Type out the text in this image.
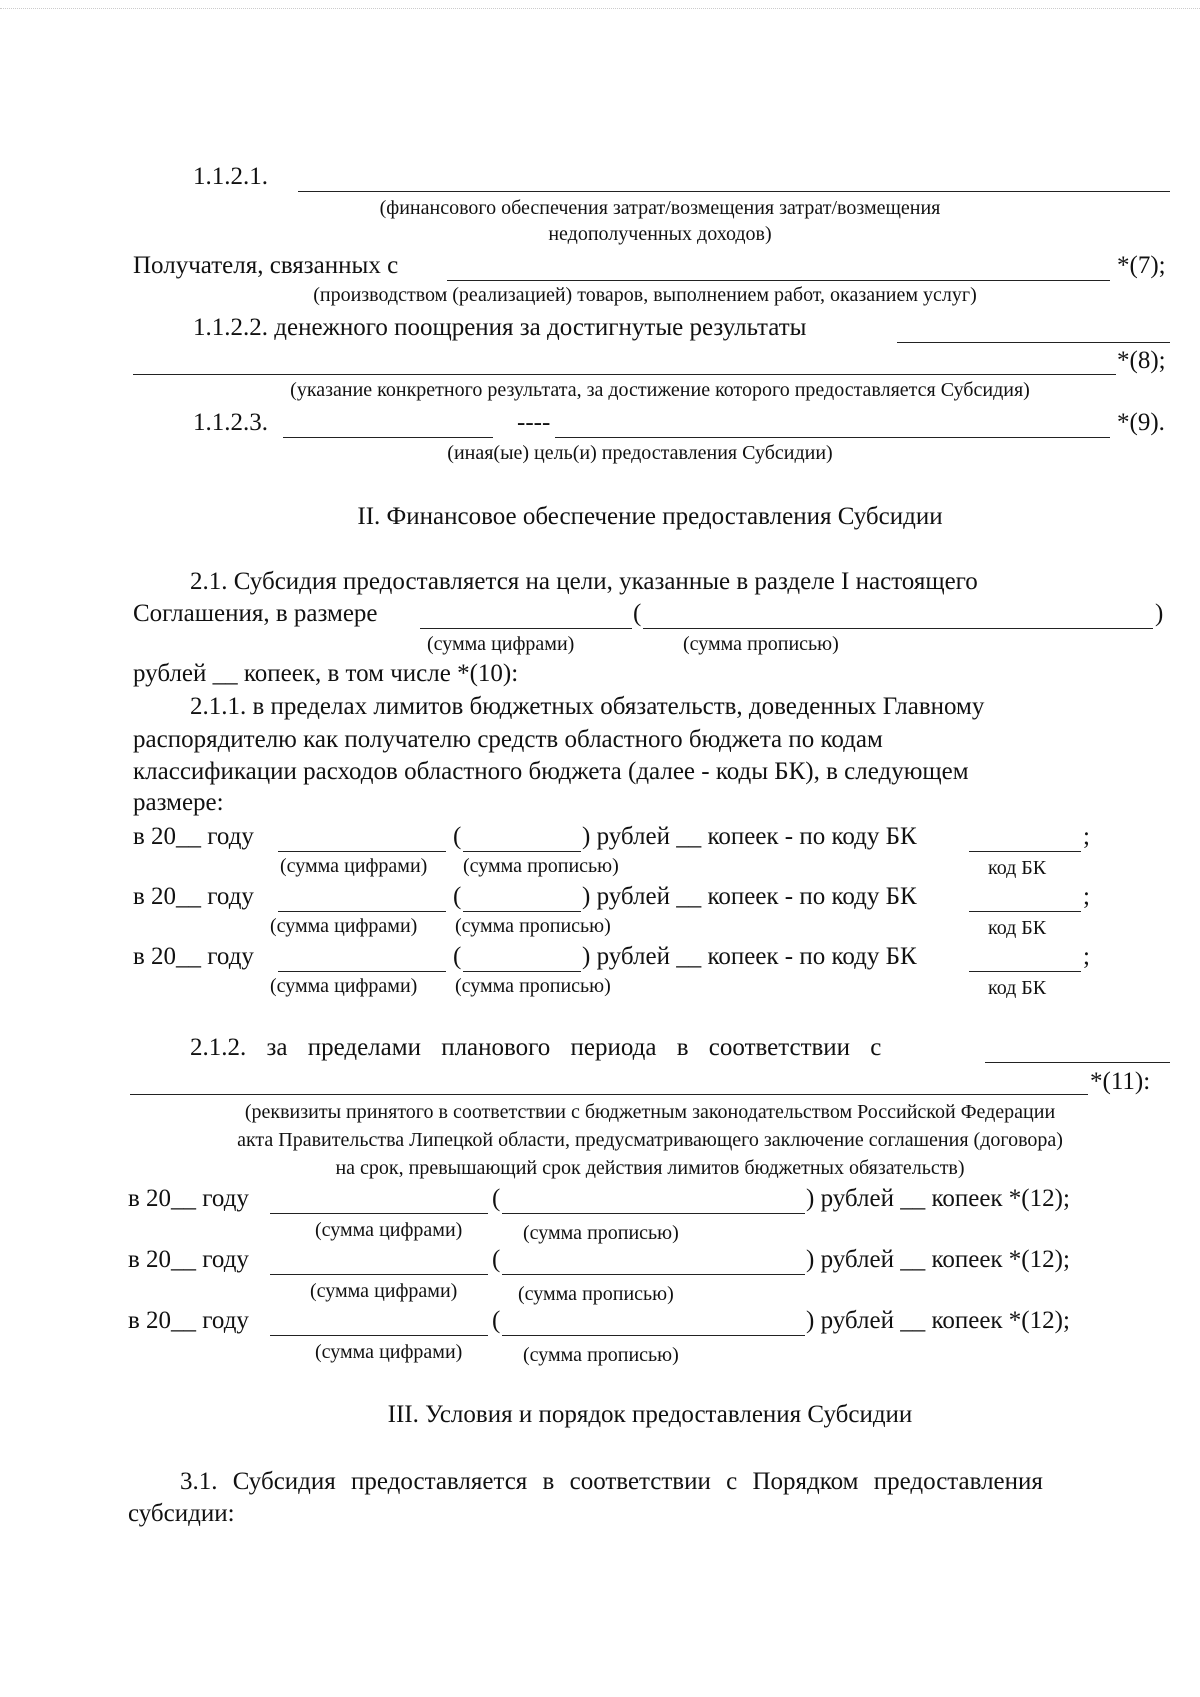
1.1.2.1.
(финансового обеспечения затрат/возмещения затрат/возмещения
недополученных доходов)
Получателя, связанных с	*(7);
(производством (реализацией) товаров, выполнением работ, оказанием услуг)
1.1.2.2. денежного поощрения за достигнутые результаты
*(8);
(указание конкретного результата, за достижение которого предоставляется Субсидия)
1.1.2.3.	----	*(9).
(иная(ые) цель(и) предоставления Субсидии)
II. Финансовое обеспечение предоставления Субсидии
2.1. Субсидия предоставляется на цели, указанные в разделе I настоящего
Соглашения, в размере	(	)
(сумма цифрами)	(сумма прописью)
рублей __ копеек, в том числе *(10):
2.1.1. в пределах лимитов бюджетных обязательств, доведенных Главному
распорядителю как получателю средств областного бюджета по кодам
классификации расходов областного бюджета (далее - коды БК), в следующем
размере:
в 20__ году	(	) рублей __ копеек - по коду БК	;
(сумма цифрами) (сумма прописью)	код БК
в 20__ году	(	) рублей __ копеек - по коду БК	;
(сумма цифрами) (сумма прописью)	код БК
в 20__ году	(	) рублей __ копеек - по коду БК	;
(сумма цифрами) (сумма прописью)	код БК
2.1.2. за пределами планового периода в соответствии с
*(11):
(реквизиты принятого в соответствии с бюджетным законодательством Российской Федерации
акта Правительства Липецкой области, предусматривающего заключение соглашения (договора)
на срок, превышающий срок действия лимитов бюджетных обязательств)
в 20__ году	(	) рублей __ копеек *(12);
(сумма цифрами)	(сумма прописью)
в 20__ году	(	) рублей __ копеек *(12);
(сумма цифрами)	(сумма прописью)
в 20__ году	(	) рублей __ копеек *(12);
(сумма цифрами)	(сумма прописью)
III. Условия и порядок предоставления Субсидии
3.1. Субсидия предоставляется в соответствии с Порядком предоставления
субсидии:
